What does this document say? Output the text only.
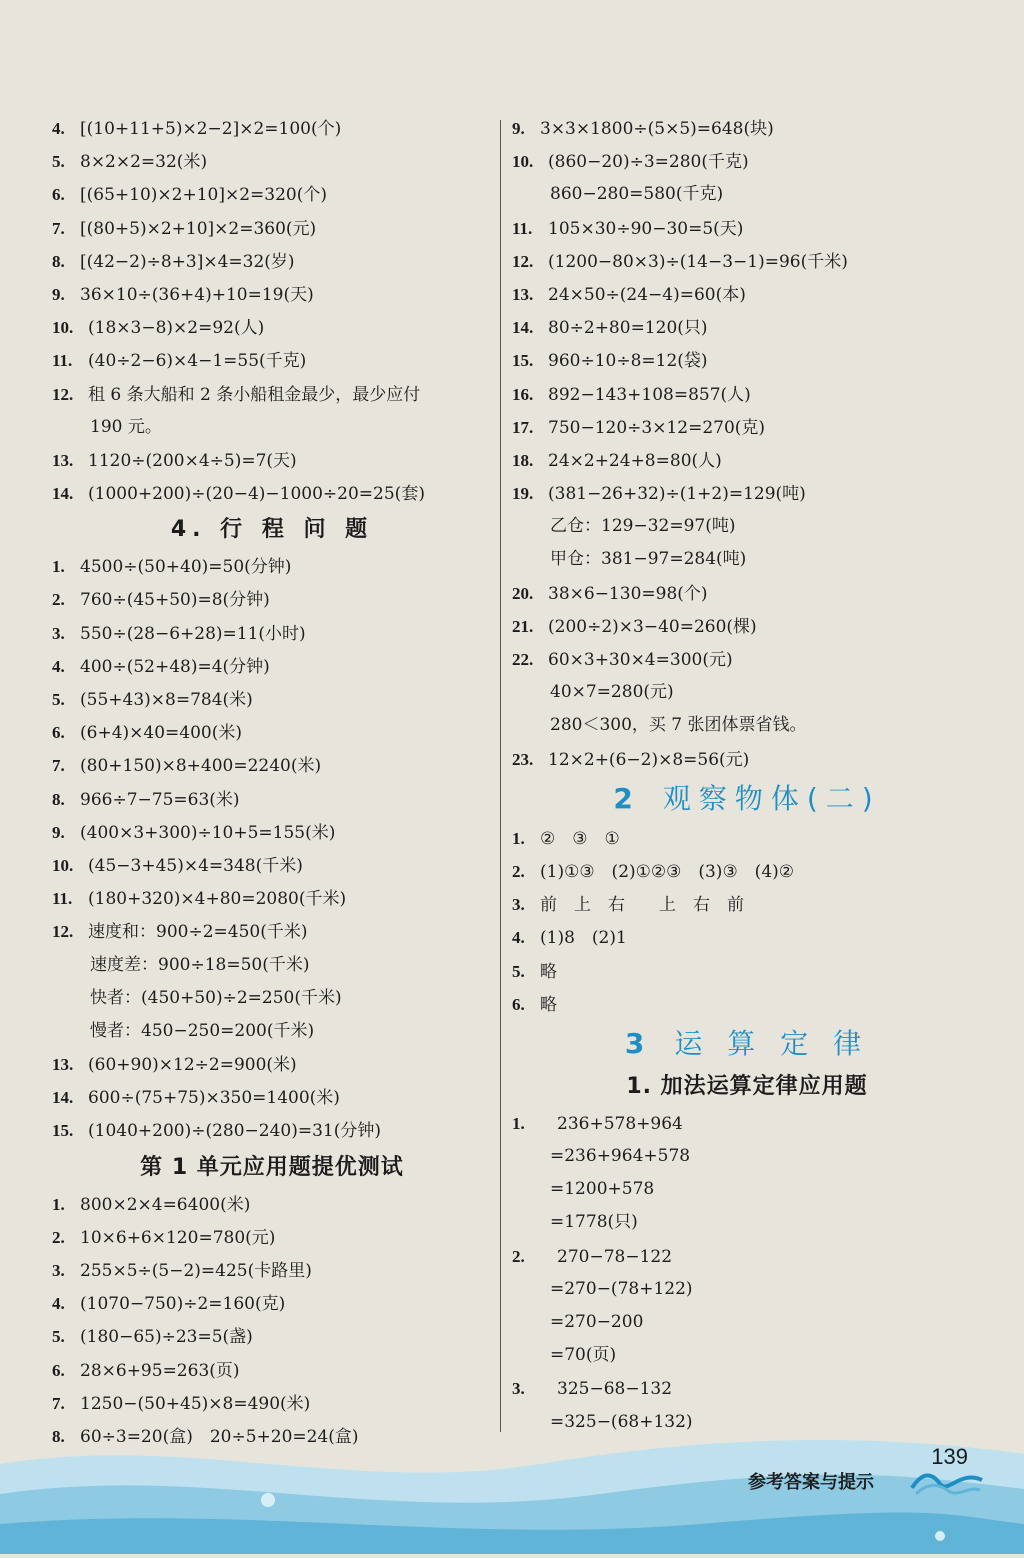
4. [(10+11+5)×2−2]×2=100(个)
5. 8×2×2=32(米)
6. [(65+10)×2+10]×2=320(个)
7. [(80+5)×2+10]×2=360(元)
8. [(42−2)÷8+3]×4=32(岁)
9. 36×10÷(36+4)+10=19(天)
10. (18×3−8)×2=92(人)
11. (40÷2−6)×4−1=55(千克)
12. 租 6 条大船和 2 条小船租金最少，最少应付
190 元。
13. 1120÷(200×4÷5)=7(天)
14. (1000+200)÷(20−4)−1000÷20=25(套)
4. 行 程 问 题
1. 4500÷(50+40)=50(分钟)
2. 760÷(45+50)=8(分钟)
3. 550÷(28−6+28)=11(小时)
4. 400÷(52+48)=4(分钟)
5. (55+43)×8=784(米)
6. (6+4)×40=400(米)
7. (80+150)×8+400=2240(米)
8. 966÷7−75=63(米)
9. (400×3+300)÷10+5=155(米)
10. (45−3+45)×4=348(千米)
11. (180+320)×4+80=2080(千米)
12. 速度和：900÷2=450(千米)
速度差：900÷18=50(千米)
快者：(450+50)÷2=250(千米)
慢者：450−250=200(千米)
13. (60+90)×12÷2=900(米)
14. 600÷(75+75)×350=1400(米)
15. (1040+200)÷(280−240)=31(分钟)
第 1 单元应用题提优测试
1. 800×2×4=6400(米)
2. 10×6+6×120=780(元)
3. 255×5÷(5−2)=425(卡路里)
4. (1070−750)÷2=160(克)
5. (180−65)÷23=5(盏)
6. 28×6+95=263(页)
7. 1250−(50+45)×8=490(米)
8. 60÷3=20(盒)　20÷5+20=24(盒)
9. 3×3×1800÷(5×5)=648(块)
10. (860−20)÷3=280(千克)
860−280=580(千克)
11. 105×30÷90−30=5(天)
12. (1200−80×3)÷(14−3−1)=96(千米)
13. 24×50÷(24−4)=60(本)
14. 80÷2+80=120(只)
15. 960÷10÷8=12(袋)
16. 892−143+108=857(人)
17. 750−120÷3×12=270(克)
18. 24×2+24+8=80(人)
19. (381−26+32)÷(1+2)=129(吨)
乙仓：129−32=97(吨)
甲仓：381−97=284(吨)
20. 38×6−130=98(个)
21. (200÷2)×3−40=260(棵)
22. 60×3+30×4=300(元)
40×7=280(元)
280＜300，买 7 张团体票省钱。
23. 12×2+(6−2)×8=56(元)
2 观察物体(二)
1. ②　③　①
2. (1)①③　(2)①②③　(3)③　(4)②
3. 前　上　右　　上　右　前
4. (1)8　(2)1
5. 略
6. 略
3 运 算 定 律
1. 加法运算定律应用题
1.　236+578+964
=236+964+578
=1200+578
=1778(只)
2.　270−78−122
=270−(78+122)
=270−200
=70(页)
3.　325−68−132
=325−(68+132)
参考答案与提示
139
